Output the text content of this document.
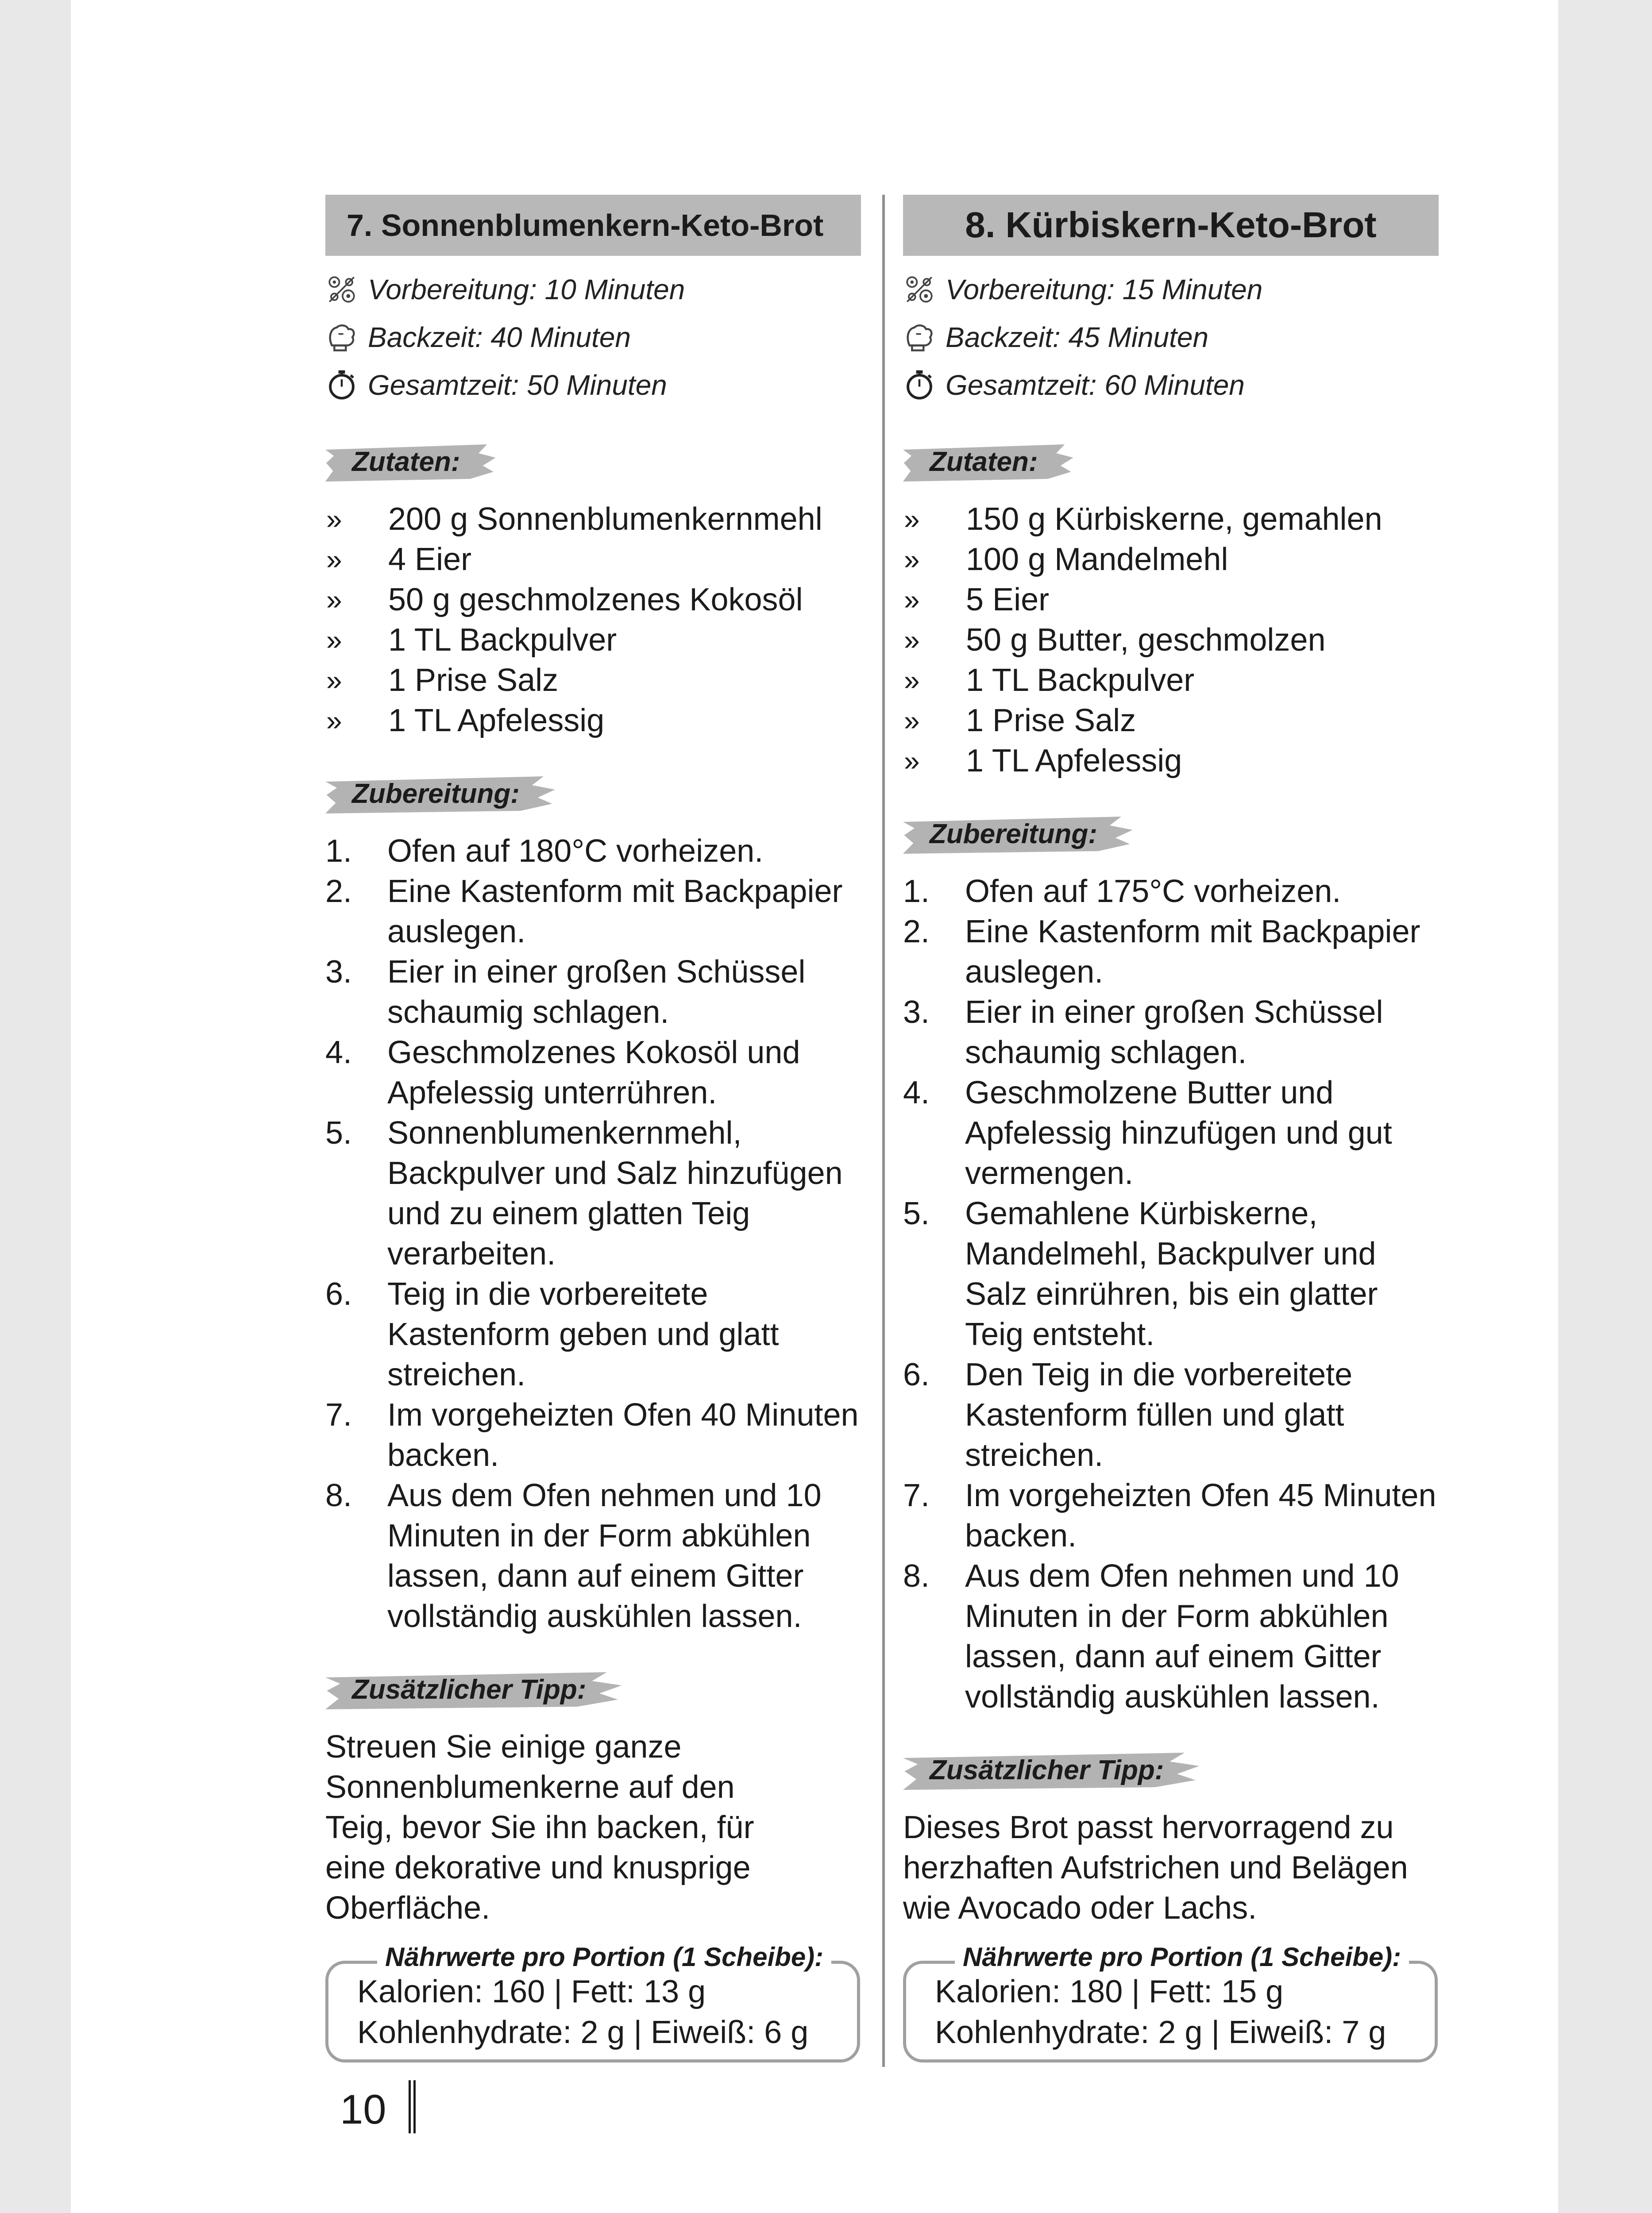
7. Sonnenblumenkern-Keto-Brot
Vorbereitung: 10 Minuten
Backzeit: 40 Minuten
Gesamtzeit: 50 Minuten
Zutaten:
»	200 g Sonnenblumenkernmehl
»	4 Eier
»	50 g geschmolzenes Kokosöl
»	1 TL Backpulver
»	1 Prise Salz
»	1 TL Apfelessig
Zubereitung:
1.	Ofen auf 180°C vorheizen.
2.	Eine Kastenform mit Backpapier auslegen.
3.	Eier in einer großen Schüssel schaumig schlagen.
4.	Geschmolzenes Kokosöl und Apfelessig unterrühren.
5.	Sonnenblumenkernmehl, Backpulver und Salz hinzufügen und zu einem glatten Teig verarbeiten.
6.	Teig in die vorbereitete Kastenform geben und glatt streichen.
7.	Im vorgeheizten Ofen 40 Minuten backen.
8.	Aus dem Ofen nehmen und 10 Minuten in der Form abkühlen lassen, dann auf einem Gitter vollständig auskühlen lassen.
Zusätzlicher Tipp:

Streuen Sie einige ganze Sonnenblumenkerne auf den Teig, bevor Sie ihn backen, für eine dekorative und knusprige Oberfläche.

Nährwerte pro Portion (1 Scheibe):
Kalorien: 160 | Fett: 13 g
Kohlenhydrate: 2 g | Eiweiß: 6 g
8. Kürbiskern-Keto-Brot
Vorbereitung: 15 Minuten
Backzeit: 45 Minuten
Gesamtzeit: 60 Minuten
Zutaten:
»	150 g Kürbiskerne, gemahlen
»	100 g Mandelmehl
»	5 Eier
»	50 g Butter, geschmolzen
»	1 TL Backpulver
»	1 Prise Salz
»	1 TL Apfelessig
Zubereitung:
1.	Ofen auf 175°C vorheizen.
2.	Eine Kastenform mit Backpapier auslegen.
3.	Eier in einer großen Schüssel schaumig schlagen.
4.	Geschmolzene Butter und Apfelessig hinzufügen und gut vermengen.
5.	Gemahlene Kürbiskerne, Mandelmehl, Backpulver und Salz einrühren, bis ein glatter Teig entsteht.
6.	Den Teig in die vorbereitete Kastenform füllen und glatt streichen.
7.	Im vorgeheizten Ofen 45 Minuten backen.
8.	Aus dem Ofen nehmen und 10 Minuten in der Form abkühlen lassen, dann auf einem Gitter vollständig auskühlen lassen.
Zusätzlicher Tipp:

Dieses Brot passt hervorragend zu herzhaften Aufstrichen und Belägen wie Avocado oder Lachs.

Nährwerte pro Portion (1 Scheibe):
Kalorien: 180 | Fett: 15 g
Kohlenhydrate: 2 g | Eiweiß: 7 g
10
